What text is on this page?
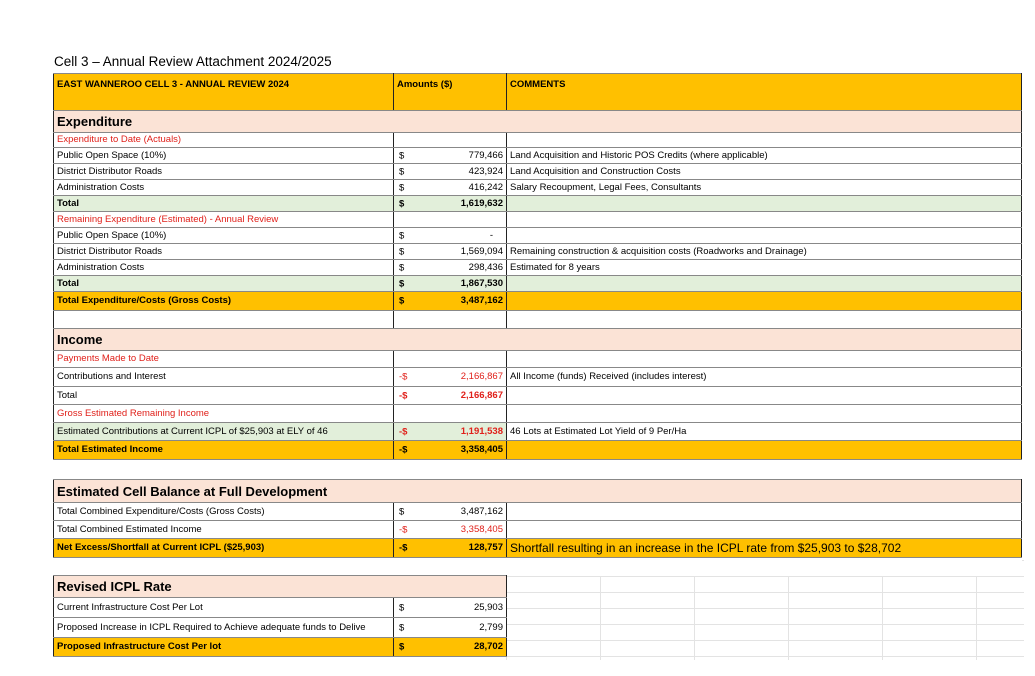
Cell 3 – Annual Review Attachment 2024/2025
EAST WANNEROO CELL 3 - ANNUAL REVIEW 2024	Amounts ($)	COMMENTS
Expenditure		
Expenditure to Date (Actuals)		
Public Open Space (10%)	$ 779,466	Land Acquisition and Historic POS Credits (where applicable)
District Distributor Roads	$ 423,924	Land Acquisition and Construction Costs
Administration Costs	$ 416,242	Salary Recoupment, Legal Fees, Consultants
Total	$ 1,619,632	
Remaining Expenditure (Estimated) - Annual Review		
Public Open Space (10%)	$ -	
District Distributor Roads	$ 1,569,094	Remaining construction & acquisition costs (Roadworks and Drainage)
Administration Costs	$ 298,436	Estimated for 8 years
Total	$ 1,867,530	
Total Expenditure/Costs (Gross Costs)	$ 3,487,162	

Income		
Payments Made to Date		
Contributions and Interest	-$ 2,166,867	All Income (funds) Received (includes interest)
Total	-$ 2,166,867	
Gross Estimated Remaining Income		
Estimated Contributions at Current ICPL of $25,903 at ELY of 46	-$ 1,191,538	46 Lots at Estimated Lot Yield of 9 Per/Ha
Total Estimated Income	-$ 3,358,405	

Estimated Cell Balance at Full Development		
Total Combined Expenditure/Costs (Gross Costs)	$ 3,487,162	
Total Combined Estimated Income	-$ 3,358,405	
Net Excess/Shortfall at Current ICPL ($25,903)	-$ 128,757	Shortfall resulting in an increase in the ICPL rate from $25,903 to $28,702

Revised ICPL Rate		
Current Infrastructure Cost Per Lot	$ 25,903	
Proposed Increase in ICPL Required to Achieve adequate funds to Delive	$ 2,799	
Proposed Infrastructure Cost Per lot	$ 28,702	
